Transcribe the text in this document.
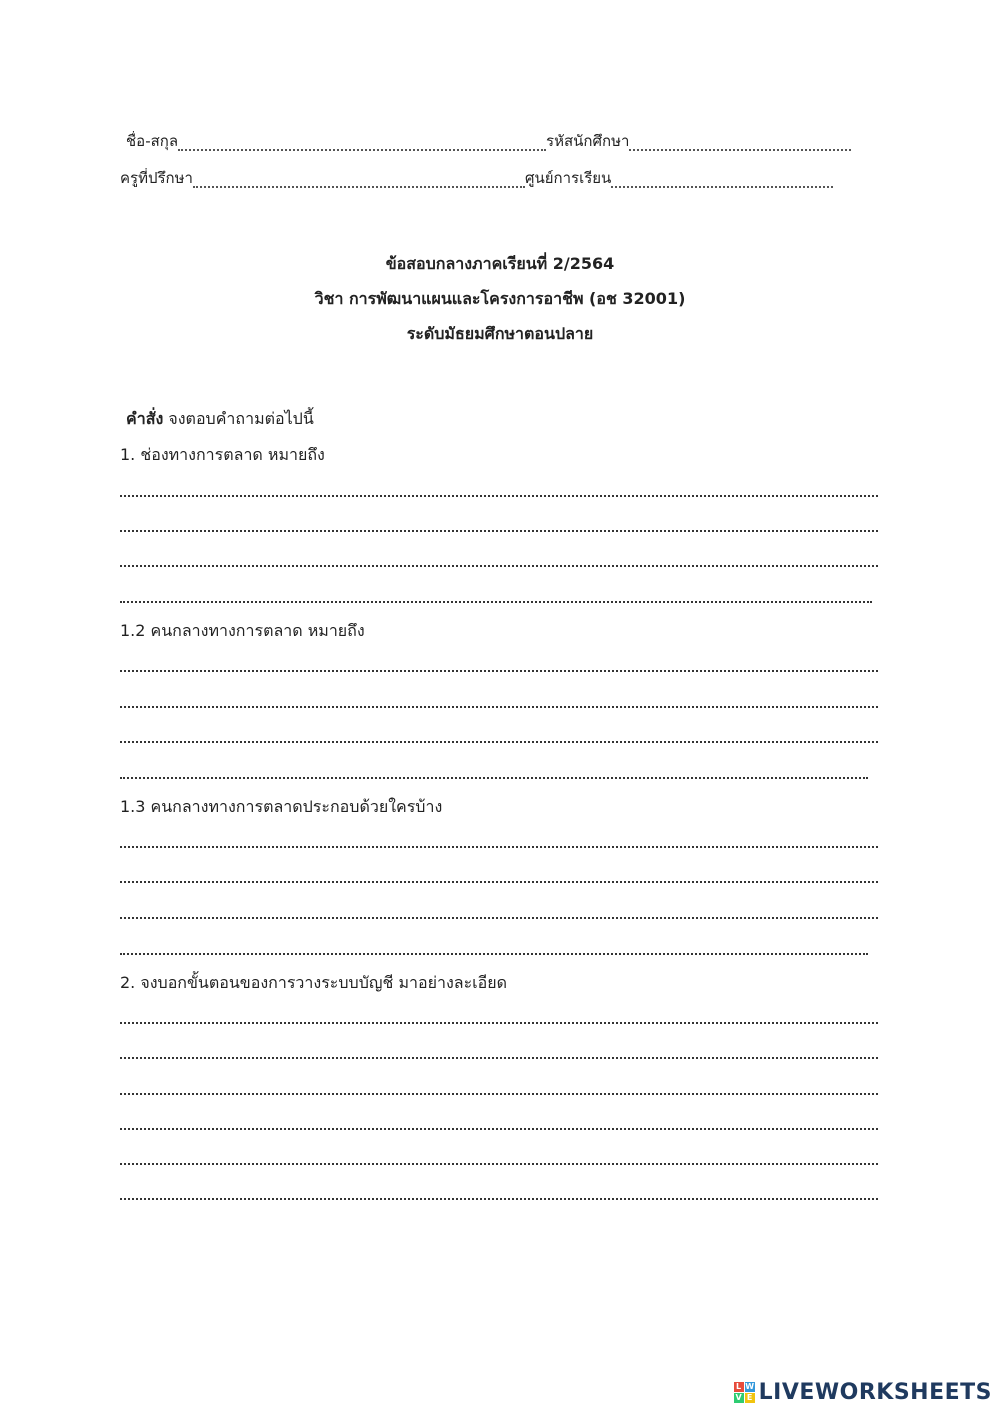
ชื่อ-สกุล	รหัสนักศึกษา
ครูที่ปรึกษา	ศูนย์การเรียน
ข้อสอบกลางภาคเรียนที่ 2/2564
วิชา การพัฒนาแผนและโครงการอาชีพ (อช 32001)
ระดับมัธยมศึกษาตอนปลาย
คำสั่ง จงตอบคำถามต่อไปนี้
1. ช่องทางการตลาด หมายถึง
1.2 คนกลางทางการตลาด หมายถึง
1.3 คนกลางทางการตลาดประกอบด้วยใครบ้าง
2. จงบอกขั้นตอนของการวางระบบบัญชี มาอย่างละเอียด
L W
V E LIVEWORKSHEETS
